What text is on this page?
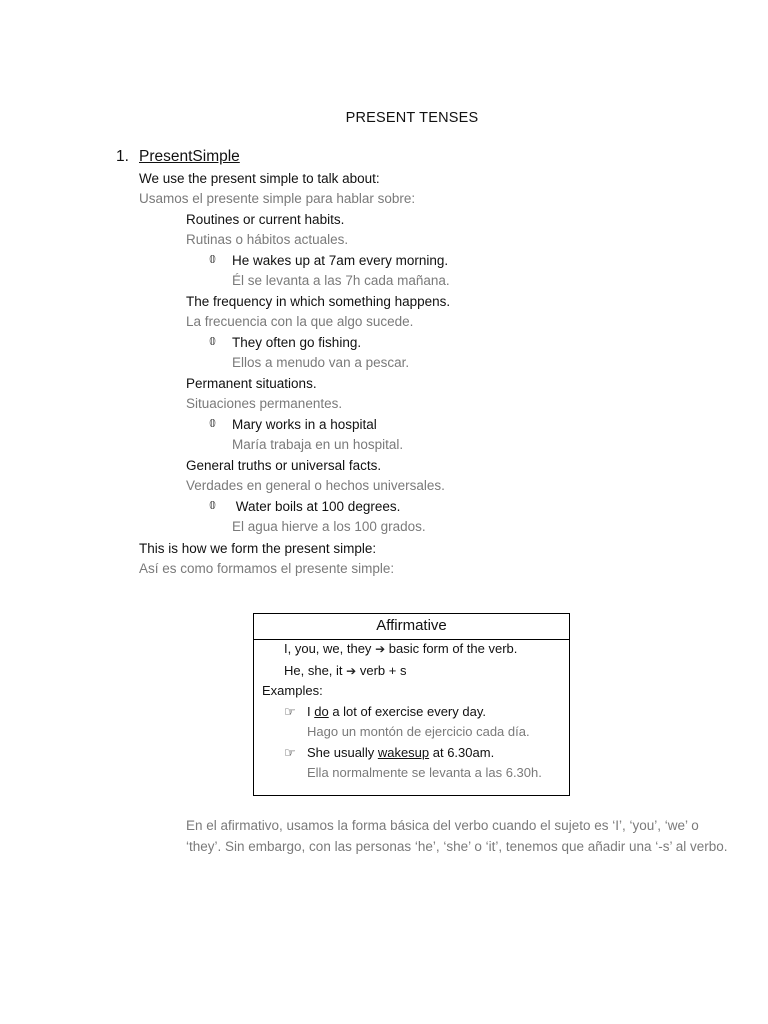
PRESENT TENSES
1. PresentSimple
We use the present simple to talk about:
Usamos el presente simple para hablar sobre:
Routines or current habits.
Rutinas o hábitos actuales.
𝟘 He wakes up at 7am every morning.
Él se levanta a las 7h cada mañana.
The frequency in which something happens.
La frecuencia con la que algo sucede.
𝟘 They often go fishing.
Ellos a menudo van a pescar.
Permanent situations.
Situaciones permanentes.
𝟘 Mary works in a hospital
María trabaja en un hospital.
General truths or universal facts.
Verdades en general o hechos universales.
𝟘 Water boils at 100 degrees.
El agua hierve a los 100 grados.
This is how we form the present simple:
Así es como formamos el presente simple:
Affirmative
I, you, we, they ➔ basic form of the verb.
He, she, it ➔ verb + s
Examples:
☞ I do a lot of exercise every day.
Hago un montón de ejercicio cada día.
☞ She usually wakesup at 6.30am.
Ella normalmente se levanta a las 6.30h.
En el afirmativo, usamos la forma básica del verbo cuando el sujeto es ‘I’, ‘you’, ‘we’ o ‘they’. Sin embargo, con las personas ‘he’, ‘she’ o ‘it’, tenemos que añadir una ‘-s’ al verbo.
